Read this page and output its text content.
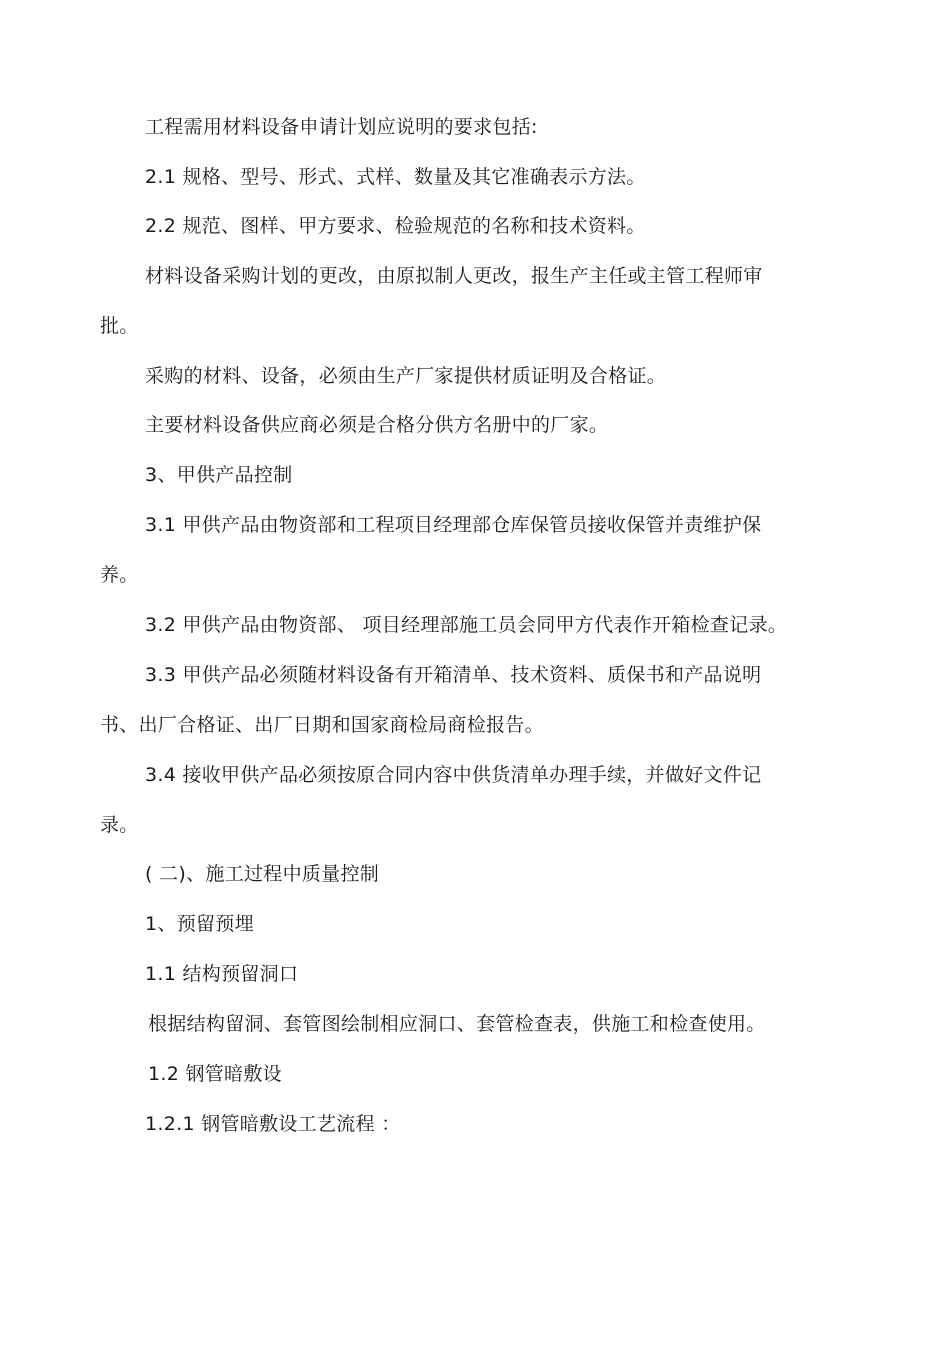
工程需用材料设备申请计划应说明的要求包括:
2.1 规格、型号、形式、式样、数量及其它准确表示方法。
2.2 规范、图样、甲方要求、检验规范的名称和技术资料。
材料设备采购计划的更改，由原拟制人更改，报生产主任或主管工程师审
批。
采购的材料、设备，必须由生产厂家提供材质证明及合格证。
主要材料设备供应商必须是合格分供方名册中的厂家。
3、甲供产品控制
3.1 甲供产品由物资部和工程项目经理部仓库保管员接收保管并责维护保
养。
3.2 甲供产品由物资部、 项目经理部施工员会同甲方代表作开箱检查记录。
3.3 甲供产品必须随材料设备有开箱清单、技术资料、质保书和产品说明
书、出厂合格证、出厂日期和国家商检局商检报告。
3.4 接收甲供产品必须按原合同内容中供货清单办理手续，并做好文件记
录。
( 二)、施工过程中质量控制
1、预留预埋
1.1 结构预留洞口
根据结构留洞、套管图绘制相应洞口、套管检查表，供施工和检查使用。
1.2 钢管暗敷设
1.2.1 钢管暗敷设工艺流程 ：
